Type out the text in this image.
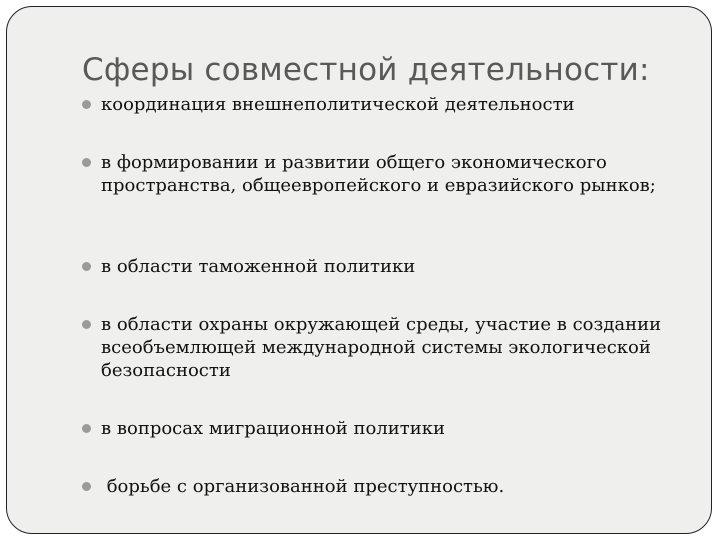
Сферы совместной деятельности:
координация внешнеполитической деятельности
в формировании и развитии общего экономического пространства, общеевропейского и евразийского рынков;
в области таможенной политики
в области охраны окружающей среды, участие в создании всеобъемлющей международной системы экологической безопасности
в вопросах миграционной политики
борьбе с организованной преступностью.
